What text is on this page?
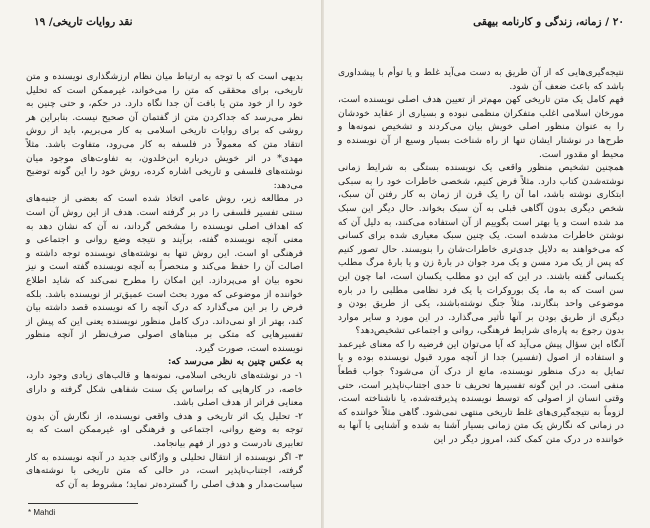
نقد روایات تاریخی/ ۱۹

بدیهی است که با توجه به ارتباط میان نظام ارزشگذاری نویسنده و متن تاریخی، برای محققی که متن را می‌خواند، غیرممکن است که تحلیل خود را از خود متن یا بافت آن جدا نگاه دارد. در حکم، و حتی چنین به نظر می‌رسد که جداکردن متن از گفتمان آن صحیح نیست. بنابراین هر روشی که برای روایات تاریخی اسلامی به کار می‌بریم، باید از روش انتقاد متن که معمولاً در فلسفه به کار می‌رود، متفاوت باشد. مثلاً مهدی* در اثر خویش درباره ابن‌خلدون، به تفاوت‌های موجود میان نوشته‌های فلسفی و تاریخی اشاره کرده، روش خود را این گونه توضیح می‌دهد:

در مطالعه زیر، روش عامی اتخاذ شده است که بعضی از جنبه‌های سنتی تفسیر فلسفی را در بر گرفته است. هدف از این روش آن است که اهداف اصلی نویسنده را مشخص گرداند، نه آن که نشان دهد به معنی آنچه نویسنده گفته، برآیند و نتیجه وضع روانی و اجتماعی و فرهنگی او است. این روش تنها به نوشته‌های نویسنده توجه داشته و اصالت آن را حفظ می‌کند و منحصراً به آنچه نویسنده گفته است و نیز نحوه بیان او می‌پردازد. این امکان را مطرح نمی‌کند که شاید اطلاع خواننده از موضوعی که مورد بحث است عمیق‌تر از نویسنده باشد. بلکه فرض را بر این می‌گذارد که درک آنچه را که نویسنده قصد داشته بیان کند، بهتر از او نمی‌داند. درک کامل منظور نویسنده یعنی این که پیش از تفسیرهایی که متکی بر مبناهای اصولی صرف‌نظر از آنچه منظور نویسنده است، صورت گیرد.

به عکس چنین به نظر می‌رسد که:

۱- در نوشته‌های تاریخی اسلامی، نمونه‌ها و قالب‌های زیادی وجود دارد، خاصه، در کارهایی که براساس یک سنت شفاهی شکل گرفته و دارای معنایی فراتر از هدف اصلی باشد.

۲- تحلیل یک اثر تاریخی و هدف واقعی نویسنده، از نگارش آن بدون توجه به وضع روانی، اجتماعی و فرهنگی او، غیرممکن است که به تعابیری نادرست و دور از فهم بیانجامد.

۳- اگر نویسنده از انتقال تحلیلی و واژگانی جدید در آنچه نویسنده به کار گرفته، اجتناب‌ناپذیر است، در حالی که متن تاریخی با نوشته‌های سیاست‌مدار و هدف اصلی را گسترده‌تر نماید؛ مشروط به آن که

* Mahdi
۲۰ / زمانه، زندگی و کارنامه بیهقی

نتیجه‌گیری‌هایی که از آن طریق به دست می‌آید غلط و یا توأم با پیشداوری باشد که باعث ضعف آن شود.

فهم کامل یک متن تاریخی کهن مهم‌تر از تعیین هدف اصلی نویسنده است، مورخان اسلامی اغلب متفکران منظمی نبوده و بسیاری از عقاید خودشان را به عنوان منظور اصلی خویش بیان می‌کردند و تشخیص نمونه‌ها و طرح‌ها در نوشتار ایشان تنها از راه شناخت بسیار وسیع از آن نویسنده و محیط او مقدور است.

همچنین تشخیص منظور واقعی یک نویسنده بستگی به شرایط زمانی نوشته‌شدن کتاب دارد. مثلاً فرض کنیم، شخصی خاطرات خود را به سبکی ابتکاری نوشته باشد، اما آن را یک قرن از زمان به کار رفتن آن سبک، شخص دیگری بدون آگاهی قبلی به آن سبک بخواند. حال دیگر این سبک مد شده است و یا بهتر است بگوییم از آن استفاده می‌کنند، به دلیل آن که نوشتن خاطرات مدشده است. یک چنین سبک معیاری شده برای کسانی که می‌خواهند به دلایل جدی‌تری خاطرات‌شان را بنویسند. حال تصور کنیم که پس از یک مرد مسن و یک مرد جوان در بارهٔ زن و یا بارهٔ مرگ مطلب یکسانی گفته باشند. در این که این دو مطلب یکسان است، اما چون این سن است که به ما، یک بوروکرات یا یک فرد نظامی مطلبی را در باره موضوعی واحد بنگارند، مثلاً جنگ نوشته‌باشند، یکی از طریق بودن و دیگری از طریق بودن بر آنها تأثیر می‌گذارد. در این مورد و سایر موارد بدون رجوع به پاره‌ای شرایط فرهنگی، روانی و اجتماعی تشخیص‌دهد؟

آنگاه این سؤال پیش می‌آید که آیا می‌توان این فرضیه را که معنای غیرعمد و استفاده از اصول (تفسیر) جدا از آنچه مورد قبول نویسنده بوده و یا تمایل به درک منظور نویسنده، مانع از درک آن می‌شود؟ جواب قطعاً منفی است. در این گونه تفسیرها تحریف تا حدی اجتناب‌ناپذیر است، حتی وقتی انسان از اصولی که توسط نویسنده پذیرفته‌شده، یا ناشناخته است، لزوماً به نتیجه‌گیری‌های غلط تاریخی منتهی نمی‌شود. گاهی مثلاً خواننده که در زمانی که نگارش یک متن زمانی بسیار آشنا به شده و آشنایی یا آنها به خواننده در درک متن کمک کند، امروز دیگر در این
